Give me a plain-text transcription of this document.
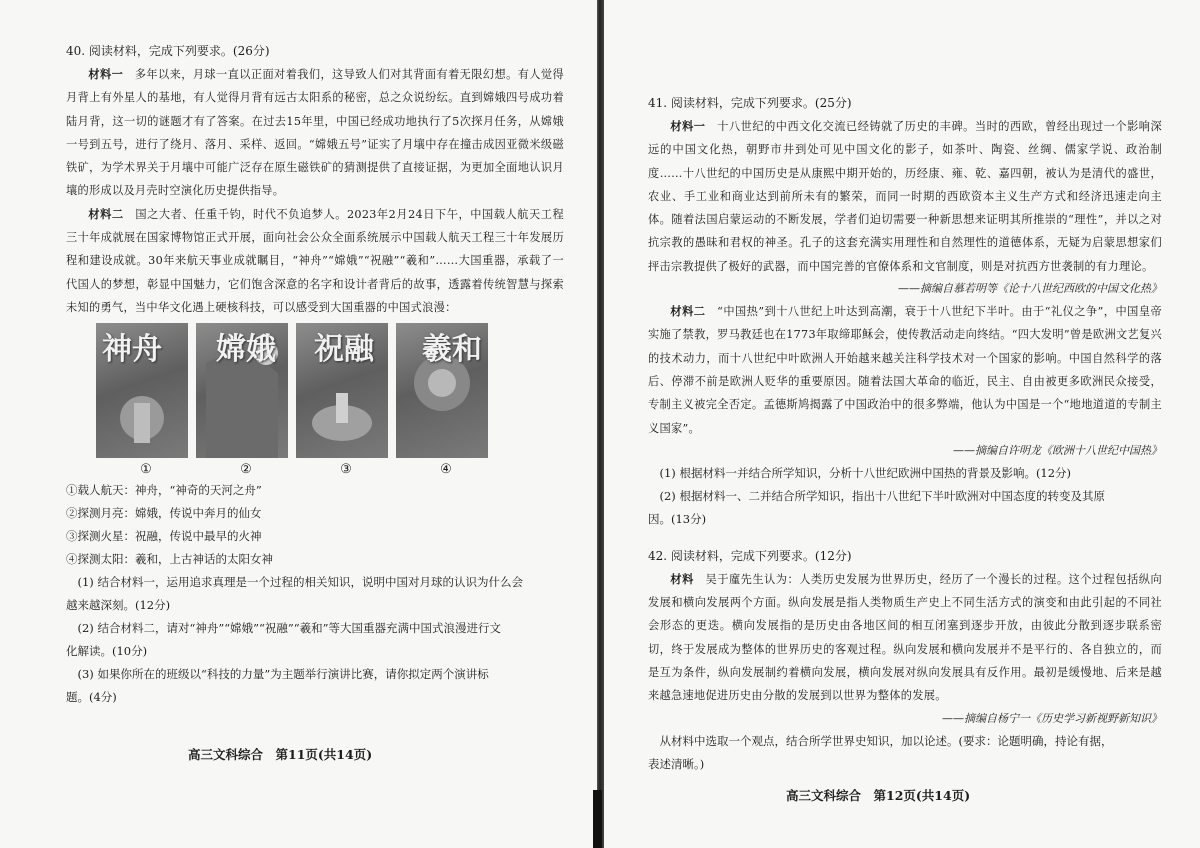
40. 阅读材料，完成下列要求。(26分)

材料一　 多年以来，月球一直以正面对着我们，这导致人们对其背面有着无限幻想。有人觉得月背上有外星人的基地，有人觉得月背有远古太阳系的秘密，总之众说纷纭。直到嫦娥四号成功着陆月背，这一切的谜题才有了答案。在过去15年里，中国已经成功地执行了5次探月任务，从嫦娥一号到五号，进行了绕月、落月、采样、返回。“嫦娥五号”证实了月壤中存在撞击成因亚微米级磁铁矿，为学术界关于月壤中可能广泛存在原生磁铁矿的猜测提供了直接证据，为更加全面地认识月壤的形成以及月壳时空演化历史提供指导。

材料二　 国之大者、任重千钧，时代不负追梦人。2023年2月24日下午，中国载人航天工程三十年成就展在国家博物馆正式开展，面向社会公众全面系统展示中国载人航天工程三十年发展历程和建设成就。30年来航天事业成就瞩目，“神舟”“嫦娥”“祝融”“羲和”……大国重器，承载了一代国人的梦想，彰显中国魅力，它们饱含深意的名字和设计者背后的故事，透露着传统智慧与探索未知的勇气，当中华文化遇上硬核科技，可以感受到大国重器的中国式浪漫：

神舟 嫦娥 祝融 羲和
①	②	③	④

①载人航天：神舟，“神奇的天河之舟”

②探测月亮：嫦娥，传说中奔月的仙女

③探测火星：祝融，传说中最早的火神

④探测太阳：羲和，上古神话的太阳女神

(1) 结合材料一，运用追求真理是一个过程的相关知识，说明中国对月球的认识为什么会

越来越深刻。(12分)

(2) 结合材料二，请对“神舟”“嫦娥”“祝融”“羲和”等大国重器充满中国式浪漫进行文

化解读。(10分)

(3) 如果你所在的班级以“科技的力量”为主题举行演讲比赛，请你拟定两个演讲标

题。(4分)

高三文科综合　第11页(共14页)

41. 阅读材料，完成下列要求。(25分)

材料一　 十八世纪的中西文化交流已经铸就了历史的丰碑。当时的西欧，曾经出现过一个影响深远的中国文化热，朝野市井到处可见中国文化的影子，如茶叶、陶瓷、丝绸、儒家学说、政治制度……十八世纪的中国历史是从康熙中期开始的，历经康、雍、乾、嘉四朝，被认为是清代的盛世，农业、手工业和商业达到前所未有的繁荣，而同一时期的西欧资本主义生产方式和经济迅速走向主体。随着法国启蒙运动的不断发展，学者们迫切需要一种新思想来证明其所推崇的“理性”，并以之对抗宗教的愚昧和君权的神圣。孔子的这套充满实用理性和自然理性的道德体系，无疑为启蒙思想家们抨击宗教提供了极好的武器，而中国完善的官僚体系和文官制度，则是对抗西方世袭制的有力理论。

——摘编自慕若明等《论十八世纪西欧的中国文化热》

材料二　 “中国热”到十八世纪上叶达到高潮，衰于十八世纪下半叶。由于“礼仪之争”，中国皇帝实施了禁教，罗马教廷也在1773年取缔耶稣会，使传教活动走向终结。“四大发明”曾是欧洲文艺复兴的技术动力，而十八世纪中叶欧洲人开始越来越关注科学技术对一个国家的影响。中国自然科学的落后、停滞不前是欧洲人贬华的重要原因。随着法国大革命的临近，民主、自由被更多欧洲民众接受，专制主义被完全否定。孟德斯鸠揭露了中国政治中的很多弊端，他认为中国是一个“地地道道的专制主义国家”。

——摘编自许明龙《欧洲十八世纪中国热》

(1) 根据材料一并结合所学知识，分析十八世纪欧洲中国热的背景及影响。(12分)

(2) 根据材料一、二并结合所学知识，指出十八世纪下半叶欧洲对中国态度的转变及其原

因。(13分)

42. 阅读材料，完成下列要求。(12分)

材料　 吴于廑先生认为：人类历史发展为世界历史，经历了一个漫长的过程。这个过程包括纵向发展和横向发展两个方面。纵向发展是指人类物质生产史上不同生活方式的演变和由此引起的不同社会形态的更迭。横向发展指的是历史由各地区间的相互闭塞到逐步开放，由彼此分散到逐步联系密切，终于发展成为整体的世界历史的客观过程。纵向发展和横向发展并不是平行的、各自独立的，而是互为条件，纵向发展制约着横向发展，横向发展对纵向发展具有反作用。最初是缓慢地、后来是越来越急速地促进历史由分散的发展到以世界为整体的发展。

——摘编自杨宁一《历史学习新视野新知识》

从材料中选取一个观点，结合所学世界史知识，加以论述。(要求：论题明确，持论有据，

表述清晰。)

高三文科综合　第12页(共14页)
